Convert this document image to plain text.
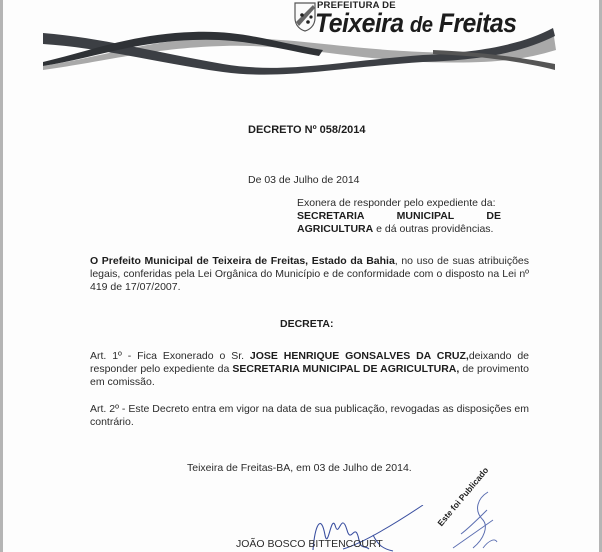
PREFEITURA DE
Teixeira de Freitas
DECRETO Nº 058/2014
De 03 de Julho de 2014
Exonera de responder pelo expediente da:
SECRETARIA	MUNICIPAL	DE
AGRICULTURA e dá outras providências.
O Prefeito Municipal de Teixeira de Freitas, Estado da Bahia, no uso de suas atribuições legais, conferidas pela Lei Orgânica do Município e de conformidade com o disposto na Lei nº 419 de 17/07/2007.
DECRETA:
Art. 1º - Fica Exonerado o Sr. JOSE HENRIQUE GONSALVES DA CRUZ,deixando de responder pelo expediente da SECRETARIA MUNICIPAL DE AGRICULTURA, de provimento em comissão.
Art. 2º - Este Decreto entra em vigor na data de sua publicação, revogadas as disposições em contrário.
Teixeira de Freitas-BA, em 03 de Julho de 2014.
JOÃO BOSCO BITTENCOURT
Este foi Publicado
